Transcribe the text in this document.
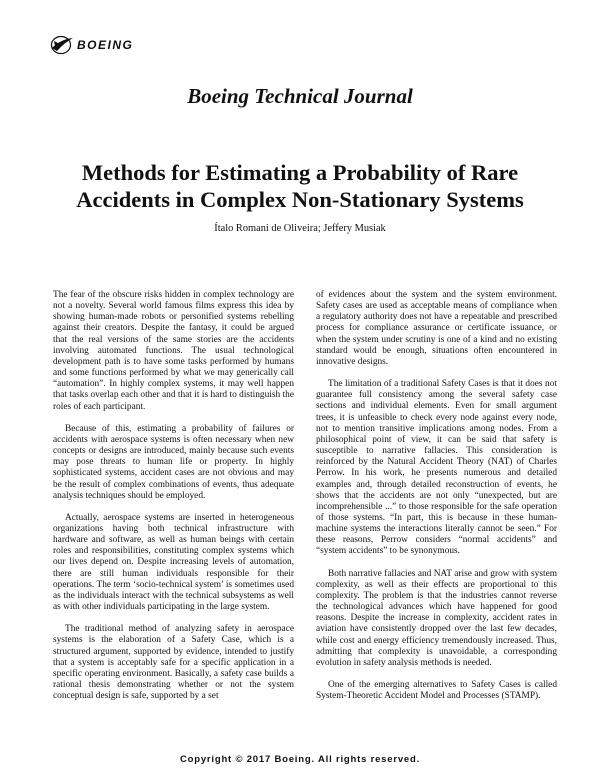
BOEING
Boeing Technical Journal
Methods for Estimating a Probability of Rare Accidents in Complex Non-Stationary Systems
Ítalo Romani de Oliveira; Jeffery Musiak

The fear of the obscure risks hidden in complex technology are not a novelty. Several world famous films express this idea by showing human-made robots or personified systems rebelling against their creators. Despite the fantasy, it could be argued that the real versions of the same stories are the accidents involving automated functions. The usual technological development path is to have some tasks performed by humans and some functions performed by what we may generically call “automation”. In highly complex systems, it may well happen that tasks overlap each other and that it is hard to distinguish the roles of each participant.

Because of this, estimating a probability of failures or accidents with aerospace systems is often necessary when new concepts or designs are introduced, mainly because such events may pose threats to human life or property. In highly sophisticated systems, accident cases are not obvious and may be the result of complex combinations of events, thus adequate analysis techniques should be employed.

Actually, aerospace systems are inserted in heterogeneous organizations having both technical infrastructure with hardware and software, as well as human beings with certain roles and responsibilities, constituting complex systems which our lives depend on. Despite increasing levels of automation, there are still human individuals responsible for their operations. The term ‘socio-technical system’ is sometimes used as the individuals interact with the technical subsystems as well as with other individuals participating in the large system.

The traditional method of analyzing safety in aerospace systems is the elaboration of a Safety Case, which is a structured argument, supported by evidence, intended to justify that a system is acceptably safe for a specific application in a specific operating environment. Basically, a safety case builds a rational thesis demonstrating whether or not the system conceptual design is safe, supported by a set

of evidences about the system and the system environment. Safety cases are used as acceptable means of compliance when a regulatory authority does not have a repeatable and prescribed process for compliance assurance or certificate issuance, or when the system under scrutiny is one of a kind and no existing standard would be enough, situations often encountered in innovative designs.

The limitation of a traditional Safety Cases is that it does not guarantee full consistency among the several safety case sections and individual elements. Even for small argument trees, it is unfeasible to check every node against every node, not to mention transitive implications among nodes. From a philosophical point of view, it can be said that safety is susceptible to narrative fallacies. This consideration is reinforced by the Natural Accident Theory (NAT) of Charles Perrow. In his work, he presents numerous and detailed examples and, through detailed reconstruction of events, he shows that the accidents are not only “unexpected, but are incomprehensible ...” to those responsible for the safe operation of those systems. “In part, this is because in these human-machine systems the interactions literally cannot be seen.” For these reasons, Perrow considers “normal accidents” and “system accidents” to be synonymous.

Both narrative fallacies and NAT arise and grow with system complexity, as well as their effects are proportional to this complexity. The problem is that the industries cannot reverse the technological advances which have happened for good reasons. Despite the increase in complexity, accident rates in aviation have consistently dropped over the last few decades, while cost and energy efficiency tremendously increased. Thus, admitting that complexity is unavoidable, a corresponding evolution in safety analysis methods is needed.

One of the emerging alternatives to Safety Cases is called System-Theoretic Accident Model and Processes (STAMP).

Copyright © 2017 Boeing. All rights reserved.
